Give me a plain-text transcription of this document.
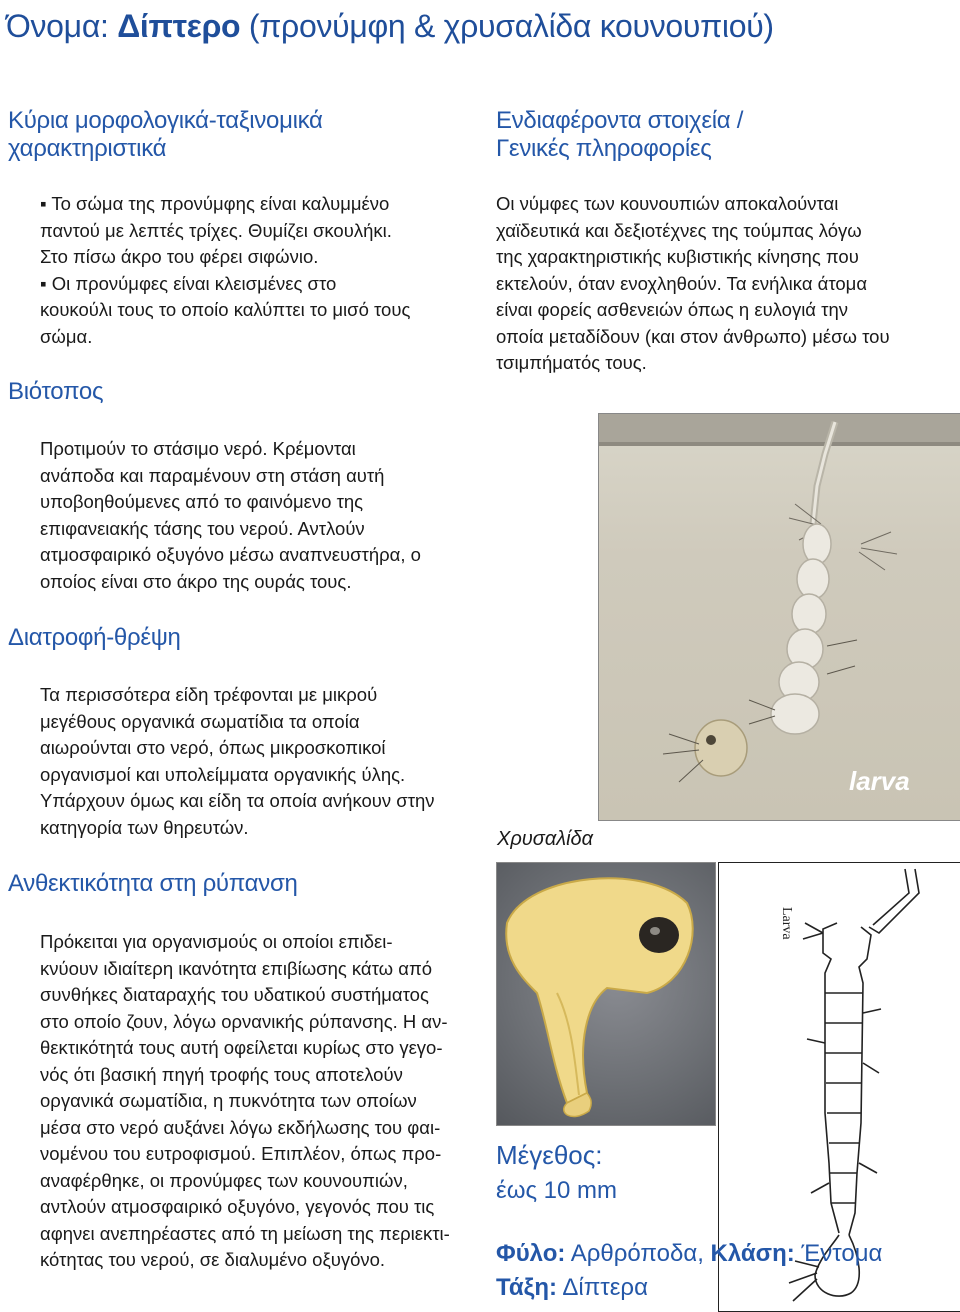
Όνομα: Δίπτερο (προνύμφη & χρυσαλίδα κουνουπιού)
Κύρια μορφολογικά-ταξινομικά
χαρακτηριστικά
▪ Το σώμα της προνύμφης είναι καλυμμένο
παντού με λεπτές τρίχες. Θυμίζει σκουλήκι.
Στο πίσω άκρο του φέρει σιφώνιο.
▪ Οι προνύμφες είναι κλεισμένες στο
κουκούλι τους το οποίο καλύπτει το μισό τους
σώμα.
Βιότοπος
Προτιμούν το στάσιμο νερό. Κρέμονται
ανάποδα και παραμένουν στη στάση αυτή
υποβοηθούμενες από το φαινόμενο της
επιφανειακής τάσης του νερού. Αντλούν
ατμοσφαιρικό οξυγόνο μέσω αναπνευστήρα, ο
οποίος είναι στο άκρο της ουράς τους.
Διατροφή-θρέψη
Τα περισσότερα είδη τρέφονται με μικρού
μεγέθους οργανικά σωματίδια τα οποία
αιωρούνται στο νερό, όπως μικροσκοπικοί
οργανισμοί και υπολείμματα οργανικής ύλης.
Υπάρχουν όμως και είδη τα οποία ανήκουν στην
κατηγορία των θηρευτών.
Ανθεκτικότητα στη ρύπανση
Πρόκειται για οργανισμούς οι οποίοι επιδει-
κνύουν ιδιαίτερη ικανότητα επιβίωσης κάτω από
συνθήκες διαταραχής του υδατικού συστήματος
στο οποίο ζουν, λόγω ορνανικής ρύπανσης. Η αν-
θεκτικότητά τους αυτή οφείλεται κυρίως στο γεγο-
νός ότι βασική πηγή τροφής τους αποτελούν
οργανικά σωματίδια, η πυκνότητα των οποίων
μέσα στο νερό αυξάνει λόγω εκδήλωσης του φαι-
νομένου του ευτροφισμού. Επιπλέον, όπως προ-
αναφέρθηκε, οι προνύμφες των κουνουπιών,
αντλούν ατμοσφαιρικό οξυγόνο, γεγονός που τις
αφηνει ανεπηρέαστες από τη μείωση της περιεκτι-
κότητας του νερού, σε διαλυμένο οξυγόνο.
Ενδιαφέροντα στοιχεία /
Γενικές πληροφορίες
Οι νύμφες των κουνουπιών αποκαλούνται
χαϊδευτικά και δεξιοτέχνες της τούμπας λόγω
της χαρακτηριστικής κυβιστικής κίνησης που
εκτελούν, όταν ενοχληθούν. Τα ενήλικα άτομα
είναι φορείς ασθενειών όπως η ευλογιά την
οποία μεταδίδουν (και στον άνθρωπο) μέσω του
τσιμπήματός τους.
larva
Χρυσαλίδα
Larva
Μέγεθος:
έως 10 mm
Φύλο: Αρθρόποδα, Κλάση: Έντομα
Τάξη: Δίπτερα
